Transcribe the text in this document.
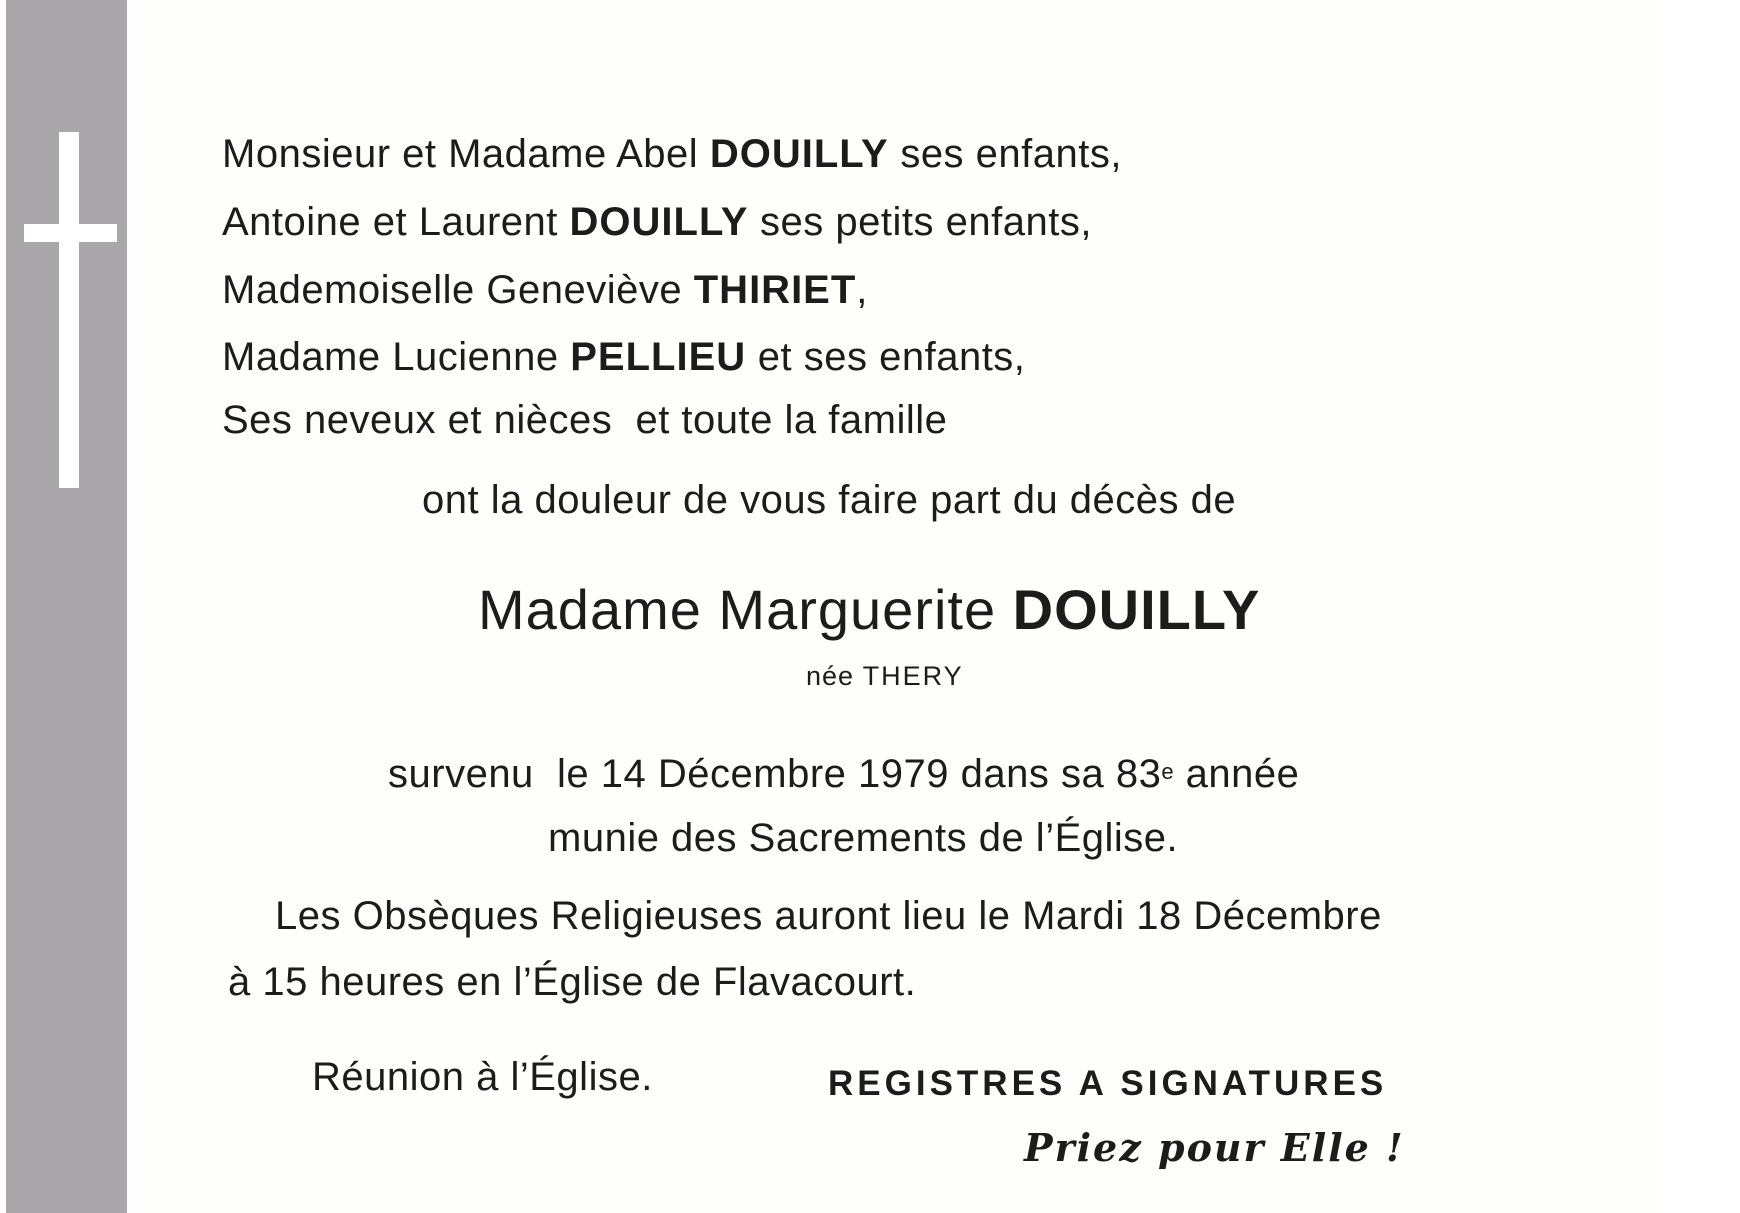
Monsieur et Madame Abel DOUILLY ses enfants,
Antoine et Laurent DOUILLY ses petits enfants,
Mademoiselle Geneviève THIRIET,
Madame Lucienne PELLIEU et ses enfants,
Ses neveux et nièces  et toute la famille
ont la douleur de vous faire part du décès de
Madame Marguerite DOUILLY
née THERY
survenu  le 14 Décembre 1979 dans sa 83e année
munie des Sacrements de l’Église.
Les Obsèques Religieuses auront lieu le Mardi 18 Décembre
à 15 heures en l’Église de Flavacourt.
Réunion à l’Église.	REGISTRES A SIGNATURES
Priez pour Elle !
